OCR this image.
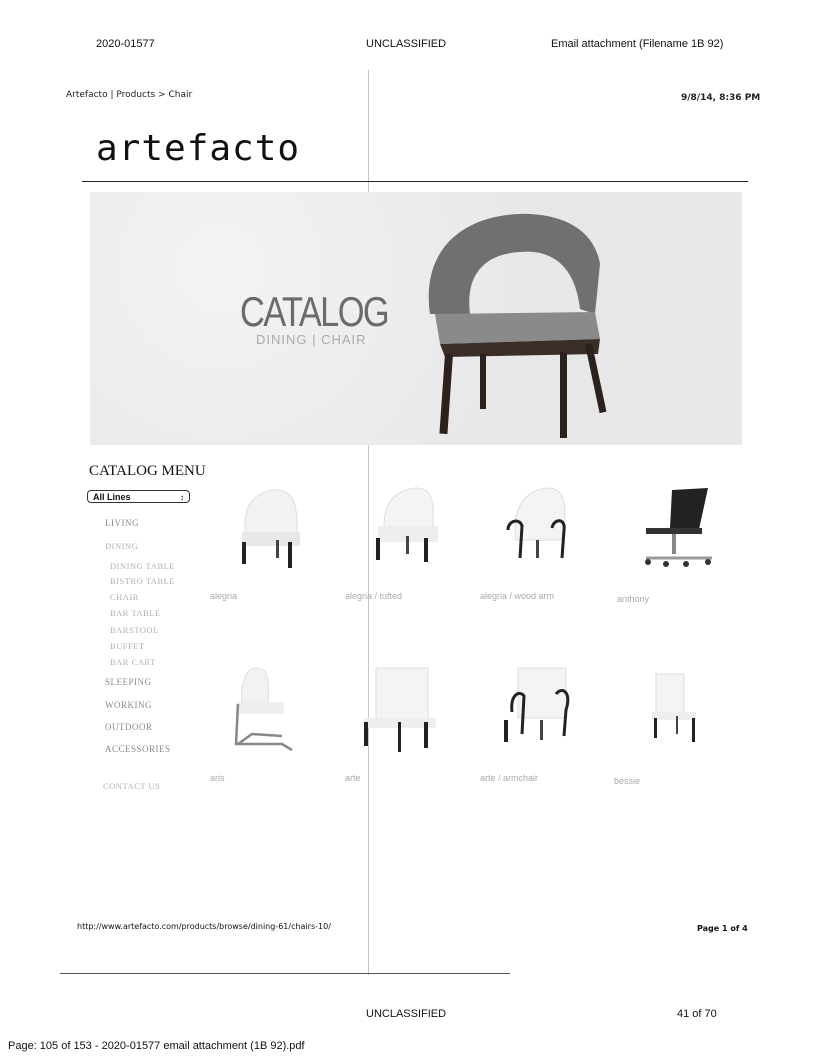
2020-01577	UNCLASSIFIED	Email attachment (Filename 1B 92)
Artefacto | Products > Chair	9/8/14, 8:36 PM
artefacto
CATALOG
DINING | CHAIR
CATALOG MENU
All Lines	↕
LIVING
DINING
DINING TABLE
BISTRO TABLE
CHAIR
BAR TABLE
BARSTOOL
BUFFET
BAR CART
SLEEPING
WORKING
OUTDOOR
ACCESSORIES
CONTACT US
alegria	alegria / tufted	alegria / wood arm	anthony
aris	arte	arte / armchair	bessie
http://www.artefacto.com/products/browse/dining-61/chairs-10/	Page 1 of 4
UNCLASSIFIED	41 of 70
Page: 105 of 153 - 2020-01577 email attachment (1B 92).pdf
